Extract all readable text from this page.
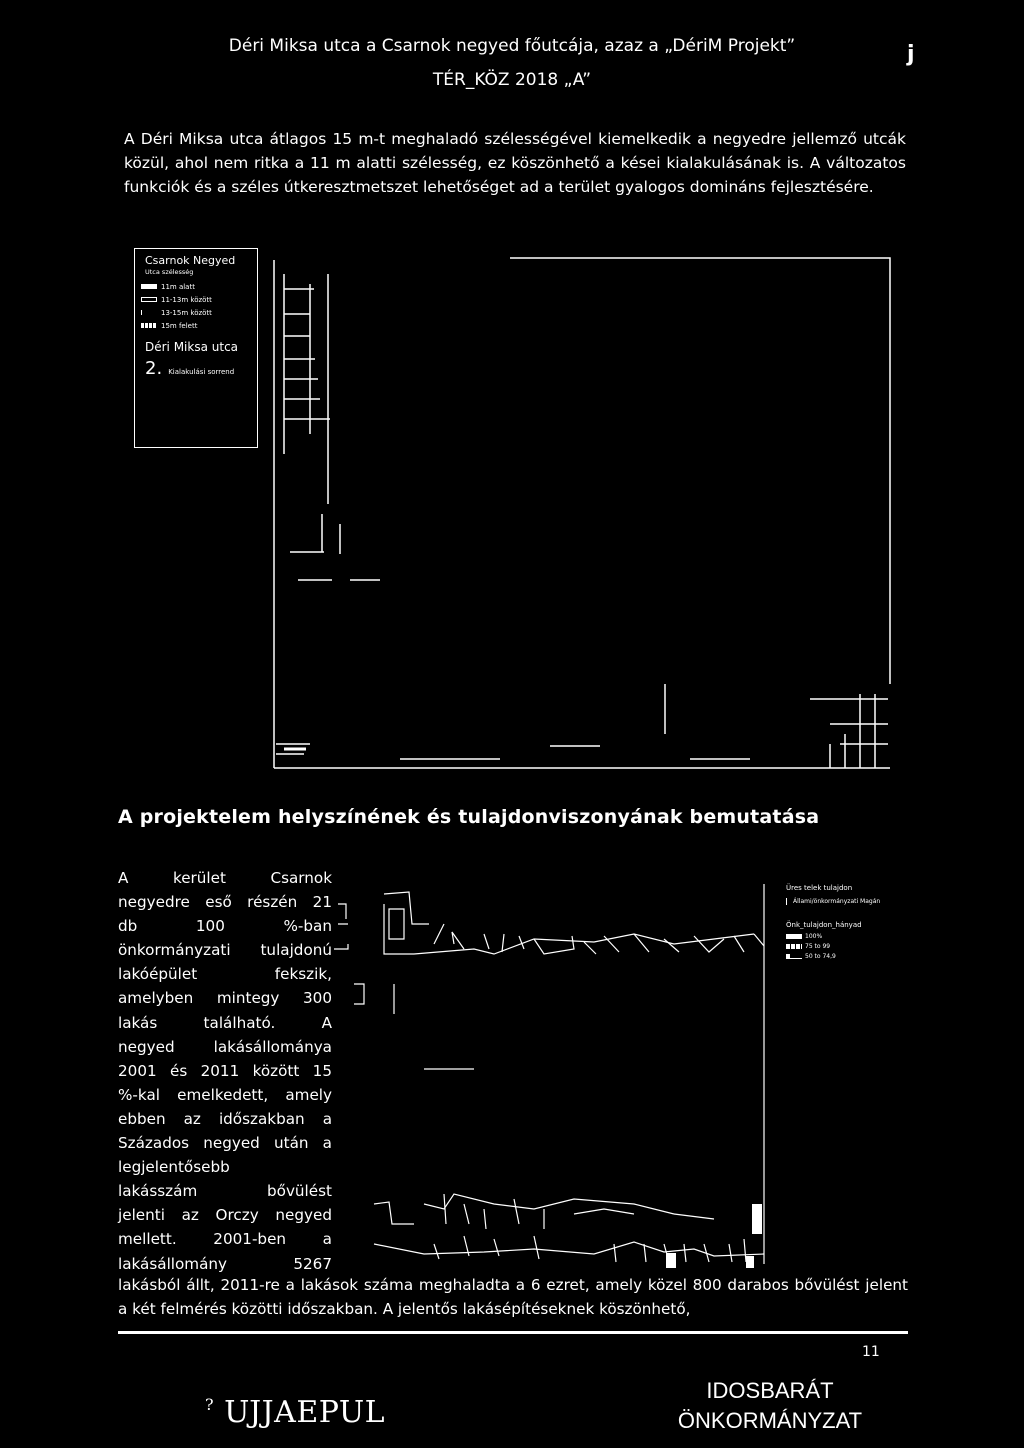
Déri Miksa utca a Csarnok negyed főutcája, azaz a „DériM Projekt”
TÉR_KÖZ 2018 „A”
j
A Déri Miksa utca átlagos 15 m-t meghaladó szélességével kiemelkedik a negyedre jellemző utcák közül, ahol nem ritka a 11 m alatti szélesség, ez köszönhető a kései kialakulásának is. A változatos funkciók és a széles útkeresztmetszet lehetőséget ad a terület gyalogos domináns fejlesztésére.
Csarnok Negyed
Utca szélesség
11m alatt
11-13m között
13-15m között
15m felett
Déri Miksa utca
2. Kialakulási sorrend
A projektelem helyszínének és tulajdonviszonyának bemutatása
A kerület Csarnok
negyedre eső részén 21
db 100 %-ban
önkormányzati tulajdonú
lakóépület fekszik,
amelyben mintegy 300
lakás található. A
negyed lakásállománya
2001 és 2011 között 15
%-kal emelkedett, amely
ebben az időszakban a
Százados negyed után a
legjelentősebb
lakásszám bővülést
jelenti az Orczy negyed
mellett. 2001-ben a
lakásállomány 5267
Üres telek tulajdon
Állami/önkormányzati Magán
Önk_tulajdon_hányad
100%
75 to 99
50 to 74,9
lakásból állt, 2011-re a lakások száma meghaladta a 6 ezret, amely közel 800 darabos bővülést jelent a két felmérés közötti időszakban. A jelentős lakásépítéseknek köszönhető,
11
? UJJAEPUL
IDOSBARÁT
ÖNKORMÁNYZAT
